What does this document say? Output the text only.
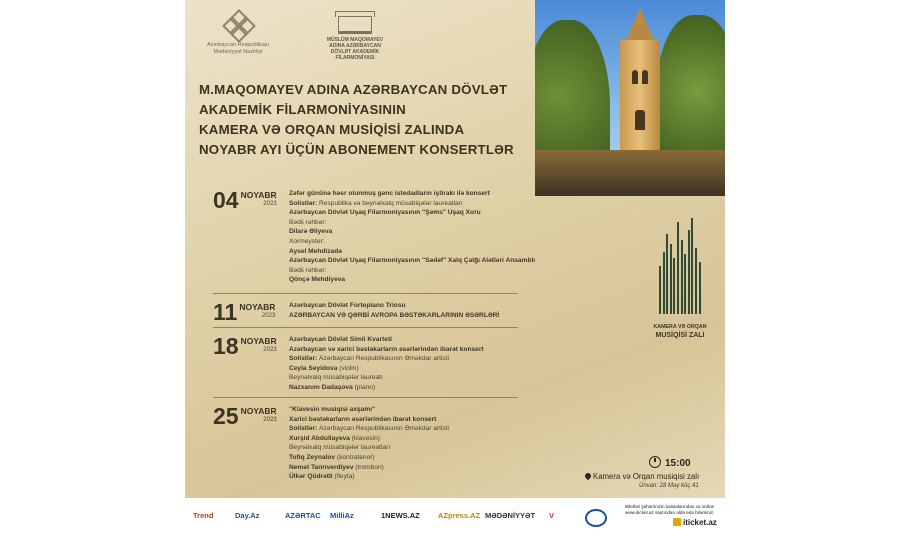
Azərbaycan Respublikası Mədəniyyət Nazirliyi
MÜSLÜM MAQOMAYEV ADINA AZƏRBAYCAN DÖVLƏT AKADEMİK FİLARMONİYASI
M.MAQOMAYEV ADINA AZƏRBAYCAN DÖVLƏT
AKADEMİK FİLARMONİYASININ
KAMERA VƏ ORQAN MUSİQİSİ ZALINDA
NOYABR AYI ÜÇÜN ABONEMENT KONSERTLƏR
04 NOYABR
2023
Zəfər gününə həsr olunmuş gənc istedadların iştirakı ilə konsert
Solistlər: Respublika və beynəlxalq müsabiqələr laureatları
Azərbaycan Dövlət Uşaq Filarmoniyasının "Şəms" Uşaq Xoru
Bədii rəhbər:
Dilarə Əliyeva
Xormeyster:
Aysel Mehdizadə
Azərbaycan Dövlət Uşaq Filarmoniyasının "Sədəf" Xalq Çalğı Alətləri Ansamblı
Bədii rəhbər:
Qönçə Mehdiyeva
11 NOYABR
2023
Azərbaycan Dövlət Fortepiano Triosu
AZƏRBAYCAN VƏ QƏRBİ AVROPA BƏSTƏKARLARININ ƏSƏRLƏRİ
18 NOYABR
2023
Azərbaycan Dövlət Simli Kvarteti
Azərbaycan və xarici bəstəkarların əsərlərindən ibarət konsert
Solistlər: Azərbaycan Respublikasının Əməkdar artisti
Ceyla Seyidova (violin)
Beynəlxalq müsabiqələr laureatı
Nazxanım Dadaşova (piano)
25 NOYABR
2023
"Klavesin musiqisi axşamı"
Xarici bəstəkarların əsərlərindən ibarət konsert
Solistlər: Azərbaycan Respublikasının Əməkdar artisti
Xurşid Abdullayeva (klavesin)
Beynəlxalq müsabiqələr laureatları
Tofiq Zeynalov (kontratenor)
Nemət Tanrıverdiyev (trombon)
Ülkər Qüdrətli (fleyta)
KAMERA VƏ ORQAN
MUSİQİSİ ZALI
15:00
Kamera və Orqan musiqisi zalı
Ünvan: 28 May küç.41
Biletləri şəhərimizin kassalarından və online www.iticket.az saytından əldə edə bilərsiniz.
iticket.az
Trend	Day.Az	AZƏRTAC MilliAz	1NEWS.AZ AZpress.AZ MƏDƏNİYYƏT V
